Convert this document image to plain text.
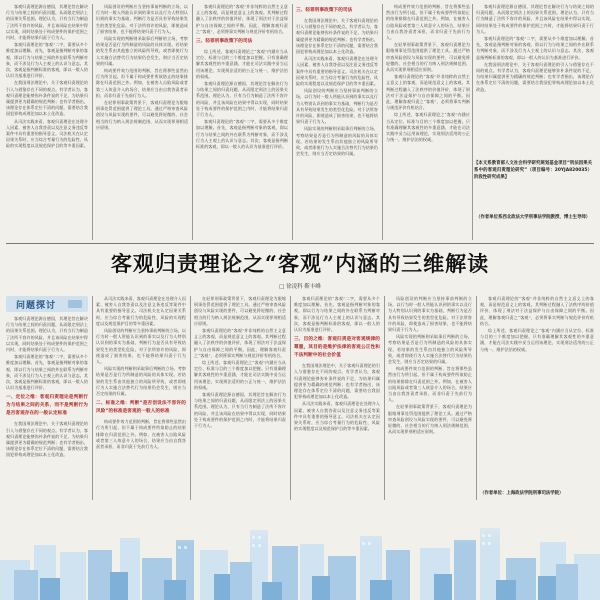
客观归责理论源自德国，其理论旨在解决行为与结果之间的归责问题，从而限定刑法上的因果关系范围。理论认为，只有当行为制造了法所不容许的风险，并且该风险在结果中得以实现，同时结果处于构成要件的保护范围之内时，才能将结果归责于行为人。

客观归责理论的“客观”二字，需要从多个维度加以理解。首先，客观是指判断对象的客观，即以行为与结果之间的外在联系为判断对象，而不涉及行为人主观上的认识与意志。其次，客观是指判断标准的客观，即以一般人的认识为基准进行评价。

在我国刑法理论中，关于客观归责理论的引入与借鉴存在不同的观点。有学者认为，客观归责理论能够弥补条件说的不足，为结果归属提供更为精确的规范判断；也有学者指出，该理论存在体系定位不清的问题，需要结合我国犯罪构成理论加以本土化改造。

从司法实践来看，客观归责理论在处理介入因素、被害人自我答责以及注意义务违反等案件中具有重要的指导意义。司法机关在认定因果关系时，应当综合考量行为的危险性、风险的实现程度以及规范保护目的等多重因素。

风险创设的判断应当坚持事前判断的立场，以行为时一般人所能认识到的事实以及行为人特别认识到的事实为基础，判断行为是否具有导致结果发生的类型化危险。对于法所容许的风险，即使造成了损害结果，也不能将结果归责于行为人。

风险实现的判断则采取事后判断的立场，考察结果是否是行为所制造的风险的具体实现。若结果的发生系由其他独立的风险所导致，或者即使行为人实施合法替代行为结果仍会发生，则应当否定结果的归属。

构成要件效力范围的判断，旨在将那些虽然由行为所引起、但不属于构成要件所欲防止的结果排除在归责范围之外。例如，在被害人自陷风险或者第三人故意介入的场合，结果应当由自我答责者承担，而非归责于先前行为人。

在轻罪刑事政策背景下，客观归责理论为限缩刑事处罚范围提供了理论工具。通过严格审查风险创设与风险实现的要件，可以避免将轻微的、社会相当的行为纳入刑法规制范围，从而实现罪刑相适应原则。

客观归责理论的“客观”并非纯粹的自然主义意义上的客观，而是规范意义上的客观。其判断过程融入了法秩序的价值评价，体现了刑法对于法益保护与自由保障之间的平衡。因此，理解客观归责之“客观”，必须将事实判断与规范评价有机结合。

三、轻罪刑事政策下的司法

综上所述，客观归责理论之“客观”内涵应当从定位、标准与目的三个维度加以把握。只有准确理解其客观性的多重意涵，才能在司法实践中妥当运用该理论，实现刑法适用的公正与统一，维护法治的权威。

客观归责理论源自德国，其理论旨在解决行为与结果之间的归责问题，从而限定刑法上的因果关系范围。理论认为，只有当行为制造了法所不容许的风险，并且该风险在结果中得以实现，同时结果处于构成要件的保护范围之内时，才能将结果归责于行为人。

客观归责理论的“客观”二字，需要从多个维度加以理解。首先，客观是指判断对象的客观，即以行为与结果之间的外在联系为判断对象，而不涉及行为人主观上的认识与意志。其次，客观是指判断标准的客观，即以一般人的认识为基准进行评价。

三、轻罪刑事政策下的司法

在我国刑法理论中，关于客观归责理论的引入与借鉴存在不同的观点。有学者认为，客观归责理论能够弥补条件说的不足，为结果归属提供更为精确的规范判断；也有学者指出，该理论存在体系定位不清的问题，需要结合我国犯罪构成理论加以本土化改造。

从司法实践来看，客观归责理论在处理介入因素、被害人自我答责以及注意义务违反等案件中具有重要的指导意义。司法机关在认定因果关系时，应当综合考量行为的危险性、风险的实现程度以及规范保护目的等多重因素。

风险创设的判断应当坚持事前判断的立场，以行为时一般人所能认识到的事实以及行为人特别认识到的事实为基础，判断行为是否具有导致结果发生的类型化危险。对于法所容许的风险，即使造成了损害结果，也不能将结果归责于行为人。

风险实现的判断则采取事后判断的立场，考察结果是否是行为所制造的风险的具体实现。若结果的发生系由其他独立的风险所导致，或者即使行为人实施合法替代行为结果仍会发生，则应当否定结果的归属。

构成要件效力范围的判断，旨在将那些虽然由行为所引起、但不属于构成要件所欲防止的结果排除在归责范围之外。例如，在被害人自陷风险或者第三人故意介入的场合，结果应当由自我答责者承担，而非归责于先前行为人。

在轻罪刑事政策背景下，客观归责理论为限缩刑事处罚范围提供了理论工具。通过严格审查风险创设与风险实现的要件，可以避免将轻微的、社会相当的行为纳入刑法规制范围，从而实现罪刑相适应原则。

客观归责理论的“客观”并非纯粹的自然主义意义上的客观，而是规范意义上的客观。其判断过程融入了法秩序的价值评价，体现了刑法对于法益保护与自由保障之间的平衡。因此，理解客观归责之“客观”，必须将事实判断与规范评价有机结合。

综上所述，客观归责理论之“客观”内涵应当从定位、标准与目的三个维度加以把握。只有准确理解其客观性的多重意涵，才能在司法实践中妥当运用该理论，实现刑法适用的公正与统一，维护法治的权威。

客观归责理论源自德国，其理论旨在解决行为与结果之间的归责问题，从而限定刑法上的因果关系范围。理论认为，只有当行为制造了法所不容许的风险，并且该风险在结果中得以实现，同时结果处于构成要件的保护范围之内时，才能将结果归责于行为人。

客观归责理论的“客观”二字，需要从多个维度加以理解。首先，客观是指判断对象的客观，即以行为与结果之间的外在联系为判断对象，而不涉及行为人主观上的认识与意志。其次，客观是指判断标准的客观，即以一般人的认识为基准进行评价。

在我国刑法理论中，关于客观归责理论的引入与借鉴存在不同的观点。有学者认为，客观归责理论能够弥补条件说的不足，为结果归属提供更为精确的规范判断；也有学者指出，该理论存在体系定位不清的问题，需要结合我国犯罪构成理论加以本土化改造。

【本文系教育部人文社会科学研究规划基金项目“刑法因果关系中的客观归责理论研究”（项目编号：20YJA820035）阶段性研究成果】
（作者单位系西北政法大学刑事法学院教授、博士生导师）
客观归责理论之“客观”内涵的三维解读
□ 徐凌科 靳丰峰
问题探讨

客观归责理论源自德国，其理论旨在解决行为与结果之间的归责问题，从而限定刑法上的因果关系范围。理论认为，只有当行为制造了法所不容许的风险，并且该风险在结果中得以实现，同时结果处于构成要件的保护范围之内时，才能将结果归责于行为人。

客观归责理论的“客观”二字，需要从多个维度加以理解。首先，客观是指判断对象的客观，即以行为与结果之间的外在联系为判断对象，而不涉及行为人主观上的认识与意志。其次，客观是指判断标准的客观，即以一般人的认识为基准进行评价。

一、定位之维：客观归责理论是判断行为与结果之间的关系，而不是判断行为是否客观存在的一般认定标准

在我国刑法理论中，关于客观归责理论的引入与借鉴存在不同的观点。有学者认为，客观归责理论能够弥补条件说的不足，为结果归属提供更为精确的规范判断；也有学者指出，该理论存在体系定位不清的问题，需要结合我国犯罪构成理论加以本土化改造。

从司法实践来看，客观归责理论在处理介入因素、被害人自我答责以及注意义务违反等案件中具有重要的指导意义。司法机关在认定因果关系时，应当综合考量行为的危险性、风险的实现程度以及规范保护目的等多重因素。

风险创设的判断应当坚持事前判断的立场，以行为时一般人所能认识到的事实以及行为人特别认识到的事实为基础，判断行为是否具有导致结果发生的类型化危险。对于法所容许的风险，即使造成了损害结果，也不能将结果归责于行为人。

风险实现的判断则采取事后判断的立场，考察结果是否是行为所制造的风险的具体实现。若结果的发生系由其他独立的风险所导致，或者即使行为人实施合法替代行为结果仍会发生，则应当否定结果的归属。

二、标准之维：判断“是否创设法不容许的风险”的标准是客观的一般人的标准

构成要件效力范围的判断，旨在将那些虽然由行为所引起、但不属于构成要件所欲防止的结果排除在归责范围之外。例如，在被害人自陷风险或者第三人故意介入的场合，结果应当由自我答责者承担，而非归责于先前行为人。

在轻罪刑事政策背景下，客观归责理论为限缩刑事处罚范围提供了理论工具。通过严格审查风险创设与风险实现的要件，可以避免将轻微的、社会相当的行为纳入刑法规制范围，从而实现罪刑相适应原则。

客观归责理论的“客观”并非纯粹的自然主义意义上的客观，而是规范意义上的客观。其判断过程融入了法秩序的价值评价，体现了刑法对于法益保护与自由保障之间的平衡。因此，理解客观归责之“客观”，必须将事实判断与规范评价有机结合。

综上所述，客观归责理论之“客观”内涵应当从定位、标准与目的三个维度加以把握。只有准确理解其客观性的多重意涵，才能在司法实践中妥当运用该理论，实现刑法适用的公正与统一，维护法治的权威。

客观归责理论源自德国，其理论旨在解决行为与结果之间的归责问题，从而限定刑法上的因果关系范围。理论认为，只有当行为制造了法所不容许的风险，并且该风险在结果中得以实现，同时结果处于构成要件的保护范围之内时，才能将结果归责于行为人。

客观归责理论的“客观”二字，需要从多个维度加以理解。首先，客观是指判断对象的客观，即以行为与结果之间的外在联系为判断对象，而不涉及行为人主观上的认识与意志。其次，客观是指判断标准的客观，即以一般人的认识为基准进行评价。

三、目的之维：客观归责是对客观规律的尊重，其目的是维护法律的客观公正性和不法判断中的社会价值

在我国刑法理论中，关于客观归责理论的引入与借鉴存在不同的观点。有学者认为，客观归责理论能够弥补条件说的不足，为结果归属提供更为精确的规范判断；也有学者指出，该理论存在体系定位不清的问题，需要结合我国犯罪构成理论加以本土化改造。

从司法实践来看，客观归责理论在处理介入因素、被害人自我答责以及注意义务违反等案件中具有重要的指导意义。司法机关在认定因果关系时，应当综合考量行为的危险性、风险的实现程度以及规范保护目的等多重因素。

风险创设的判断应当坚持事前判断的立场，以行为时一般人所能认识到的事实以及行为人特别认识到的事实为基础，判断行为是否具有导致结果发生的类型化危险。对于法所容许的风险，即使造成了损害结果，也不能将结果归责于行为人。

风险实现的判断则采取事后判断的立场，考察结果是否是行为所制造的风险的具体实现。若结果的发生系由其他独立的风险所导致，或者即使行为人实施合法替代行为结果仍会发生，则应当否定结果的归属。

构成要件效力范围的判断，旨在将那些虽然由行为所引起、但不属于构成要件所欲防止的结果排除在归责范围之外。例如，在被害人自陷风险或者第三人故意介入的场合，结果应当由自我答责者承担，而非归责于先前行为人。

在轻罪刑事政策背景下，客观归责理论为限缩刑事处罚范围提供了理论工具。通过严格审查风险创设与风险实现的要件，可以避免将轻微的、社会相当的行为纳入刑法规制范围，从而实现罪刑相适应原则。

客观归责理论的“客观”并非纯粹的自然主义意义上的客观，而是规范意义上的客观。其判断过程融入了法秩序的价值评价，体现了刑法对于法益保护与自由保障之间的平衡。因此，理解客观归责之“客观”，必须将事实判断与规范评价有机结合。

综上所述，客观归责理论之“客观”内涵应当从定位、标准与目的三个维度加以把握。只有准确理解其客观性的多重意涵，才能在司法实践中妥当运用该理论，实现刑法适用的公正与统一，维护法治的权威。

（作者单位：上海政法学院刑事司法学院）
